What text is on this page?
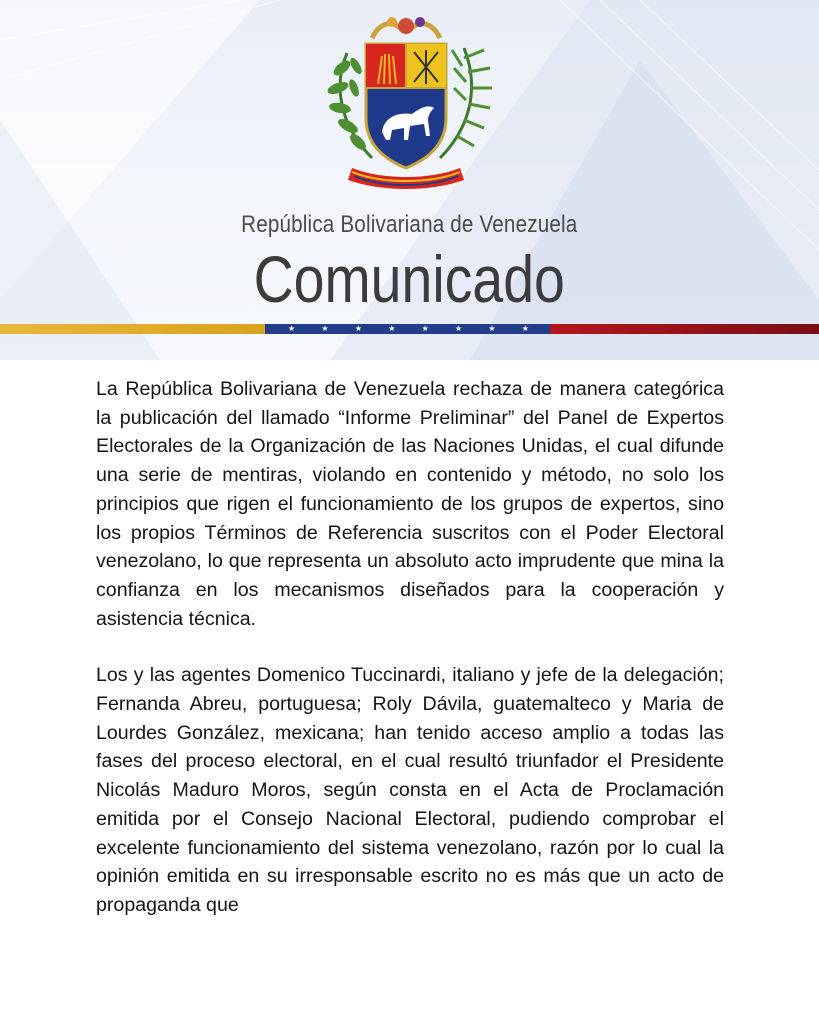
República Bolivariana de Venezuela
Comunicado
★ ★ ★ ★ ★ ★ ★ ★

La República Bolivariana de Venezuela rechaza de manera categórica la publicación del llamado “Informe Preliminar” del Panel de Expertos Electorales de la Organización de las Naciones Unidas, el cual difunde una serie de mentiras, violando en contenido y método, no solo los principios que rigen el funcionamiento de los grupos de expertos, sino los propios Términos de Referencia suscritos con el Poder Electoral venezolano, lo que representa un absoluto acto imprudente que mina la confianza en los mecanismos diseñados para la cooperación y asistencia técnica.

Los y las agentes Domenico Tuccinardi, italiano y jefe de la delegación; Fernanda Abreu, portuguesa; Roly Dávila, guatemalteco y Maria de Lourdes González, mexicana; han tenido acceso amplio a todas las fases del proceso electoral, en el cual resultó triunfador el Presidente Nicolás Maduro Moros, según consta en el Acta de Proclamación emitida por el Consejo Nacional Electoral, pudiendo comprobar el excelente funcionamiento del sistema venezolano, razón por lo cual la opinión emitida en su irresponsable escrito no es más que un acto de propaganda que
